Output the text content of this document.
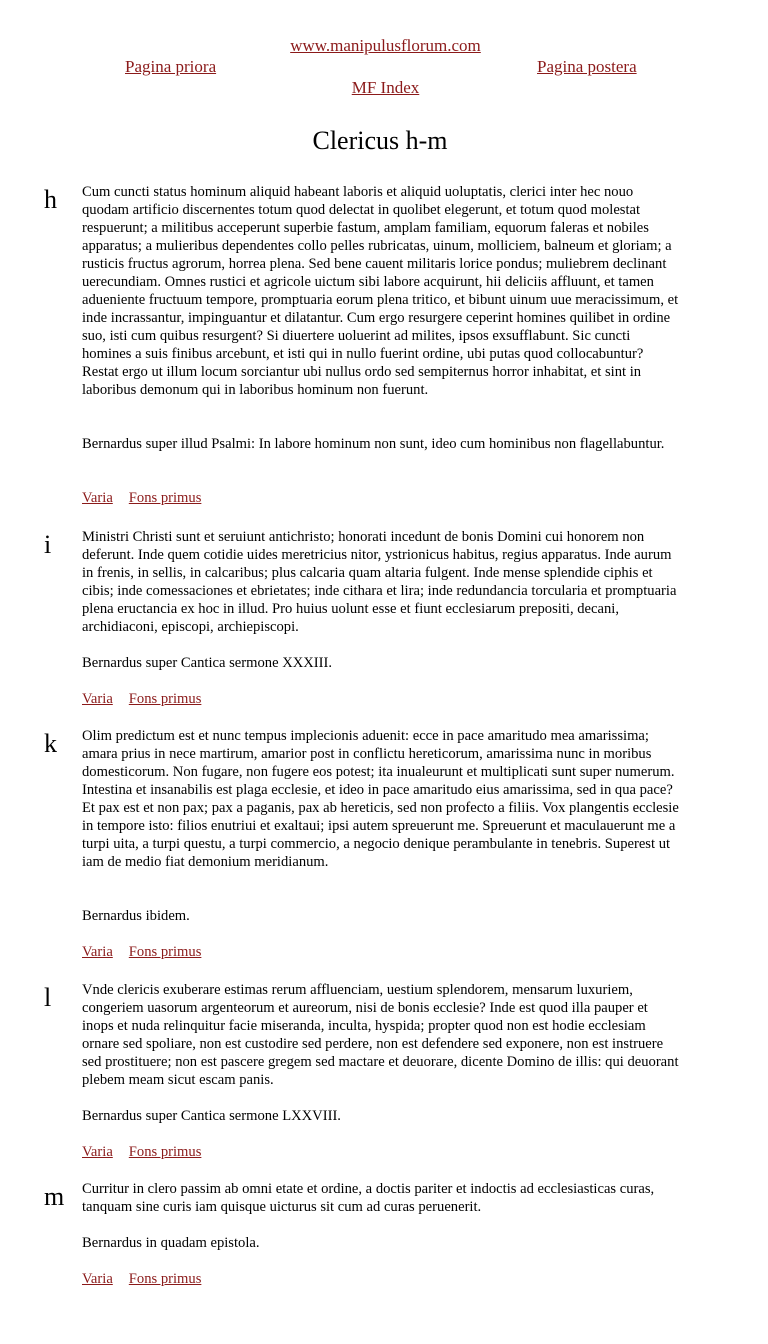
www.manipulusflorum.com
Pagina priora	Pagina postera
MF Index
Clericus h-m
h Cum cuncti status hominum aliquid habeant laboris et aliquid uoluptatis, clerici inter hec nouo quodam artificio discernentes totum quod delectat in quolibet elegerunt, et totum quod molestat respuerunt; a militibus acceperunt superbie fastum, amplam familiam, equorum faleras et nobiles apparatus; a mulieribus dependentes collo pelles rubricatas, uinum, molliciem, balneum et gloriam; a rusticis fructus agrorum, horrea plena. Sed bene cauent militaris lorice pondus; muliebrem declinant uerecundiam. Omnes rustici et agricole uictum sibi labore acquirunt, hii deliciis affluunt, et tamen adueniente fructuum tempore, promptuaria eorum plena tritico, et bibunt uinum uue meracissimum, et inde incrassantur, impinguantur et dilatantur. Cum ergo resurgere ceperint homines quilibet in ordine suo, isti cum quibus resurgent? Si diuertere uoluerint ad milites, ipsos exsufflabunt. Sic cuncti homines a suis finibus arcebunt, et isti qui in nullo fuerint ordine, ubi putas quod collocabuntur? Restat ergo ut illum locum sorciantur ubi nullus ordo sed sempiternus horror inhabitat, et sint in laboribus demonum qui in laboribus hominum non fuerunt.

Bernardus super illud Psalmi: In labore hominum non sunt, ideo cum hominibus non flagellabuntur.

Varia Fons primus
i Ministri Christi sunt et seruiunt antichristo; honorati incedunt de bonis Domini cui honorem non deferunt. Inde quem cotidie uides meretricius nitor, ystrionicus habitus, regius apparatus. Inde aurum in frenis, in sellis, in calcaribus; plus calcaria quam altaria fulgent. Inde mense splendide ciphis et cibis; inde comessaciones et ebrietates; inde cithara et lira; inde redundancia torcularia et promptuaria plena eructancia ex hoc in illud. Pro huius uolunt esse et fiunt ecclesiarum prepositi, decani, archidiaconi, episcopi, archiepiscopi.

Bernardus super Cantica sermone XXXIII.

Varia Fons primus
k Olim predictum est et nunc tempus implecionis aduenit: ecce in pace amaritudo mea amarissima; amara prius in nece martirum, amarior post in conflictu hereticorum, amarissima nunc in moribus domesticorum. Non fugare, non fugere eos potest; ita inualeurunt et multiplicati sunt super numerum. Intestina et insanabilis est plaga ecclesie, et ideo in pace amaritudo eius amarissima, sed in qua pace? Et pax est et non pax; pax a paganis, pax ab hereticis, sed non profecto a filiis. Vox plangentis ecclesie in tempore isto: filios enutriui et exaltaui; ipsi autem spreuerunt me. Spreuerunt et maculauerunt me a turpi uita, a turpi questu, a turpi commercio, a negocio denique perambulante in tenebris. Superest ut iam de medio fiat demonium meridianum.

Bernardus ibidem.

Varia Fons primus
l Vnde clericis exuberare estimas rerum affluenciam, uestium splendorem, mensarum luxuriem, congeriem uasorum argenteorum et aureorum, nisi de bonis ecclesie? Inde est quod illa pauper et inops et nuda relinquitur facie miseranda, inculta, hyspida; propter quod non est hodie ecclesiam ornare sed spoliare, non est custodire sed perdere, non est defendere sed exponere, non est instruere sed prostituere; non est pascere gregem sed mactare et deuorare, dicente Domino de illis: qui deuorant plebem meam sicut escam panis.

Bernardus super Cantica sermone LXXVIII.

Varia Fons primus
m Curritur in clero passim ab omni etate et ordine, a doctis pariter et indoctis ad ecclesiasticas curas, tanquam sine curis iam quisque uicturus sit cum ad curas peruenerit.

Bernardus in quadam epistola.

Varia Fons primus
